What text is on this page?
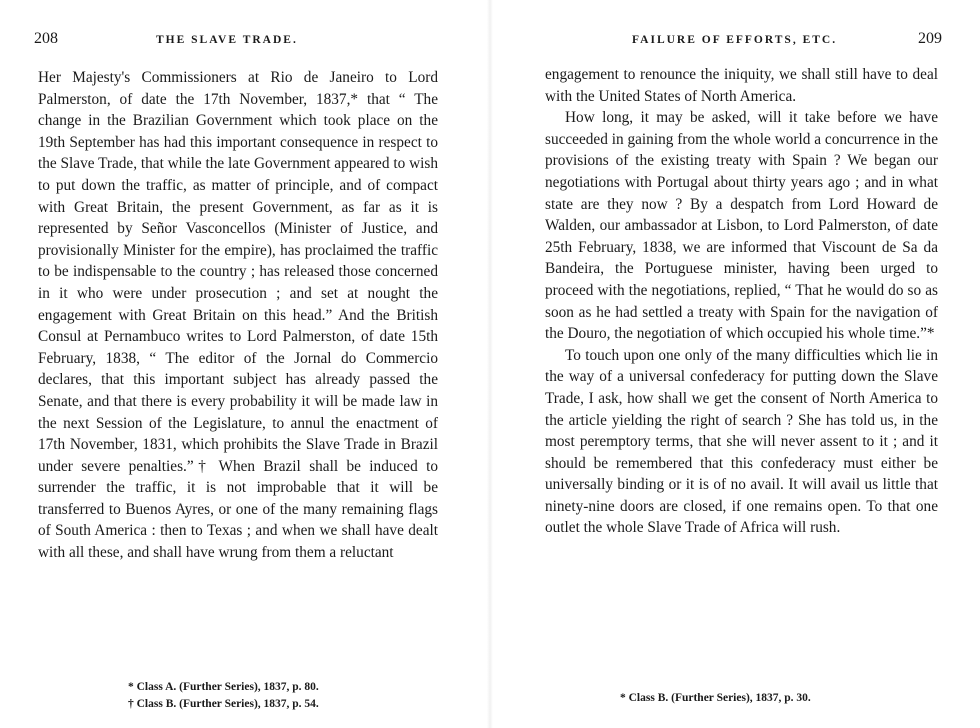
208	THE SLAVE TRADE.

Her Majesty's Commissioners at Rio de Janeiro to Lord Palmerston, of date the 17th November, 1837,* that “ The change in the Brazilian Government which took place on the 19th September has had this important consequence in respect to the Slave Trade, that while the late Government appeared to wish to put down the traffic, as matter of principle, and of compact with Great Britain, the present Government, as far as it is represented by Señor Vasconcellos (Minister of Justice, and provisionally Minister for the empire), has proclaimed the traffic to be indispensable to the country ; has released those concerned in it who were under prosecution ; and set at nought the engagement with Great Britain on this head.” And the British Consul at Pernambuco writes to Lord Palmerston, of date 15th February, 1838, “ The editor of the Jornal do Commercio declares, that this important subject has already passed the Senate, and that there is every probability it will be made law in the next Session of the Legislature, to annul the enactment of 17th November, 1831, which prohibits the Slave Trade in Brazil under severe penalties.”† When Brazil shall be induced to surrender the traffic, it is not improbable that it will be transferred to Buenos Ayres, or one of the many remaining flags of South America : then to Texas ; and when we shall have dealt with all these, and shall have wrung from them a reluctant

* Class A. (Further Series), 1837, p. 80.
† Class B. (Further Series), 1837, p. 54.
FAILURE OF EFFORTS, ETC.	209

engagement to renounce the iniquity, we shall still have to deal with the United States of North America.

How long, it may be asked, will it take before we have succeeded in gaining from the whole world a concurrence in the provisions of the existing treaty with Spain ? We began our negotiations with Portugal about thirty years ago ; and in what state are they now ? By a despatch from Lord Howard de Walden, our ambassador at Lisbon, to Lord Palmerston, of date 25th February, 1838, we are informed that Viscount de Sa da Bandeira, the Portuguese minister, having been urged to proceed with the negotiations, replied, “ That he would do so as soon as he had settled a treaty with Spain for the navigation of the Douro, the negotiation of which occupied his whole time.”*

To touch upon one only of the many difficulties which lie in the way of a universal confederacy for putting down the Slave Trade, I ask, how shall we get the consent of North America to the article yielding the right of search ? She has told us, in the most peremptory terms, that she will never assent to it ; and it should be remembered that this confederacy must either be universally binding or it is of no avail. It will avail us little that ninety-nine doors are closed, if one remains open. To that one outlet the whole Slave Trade of Africa will rush.

* Class B. (Further Series), 1837, p. 30.
